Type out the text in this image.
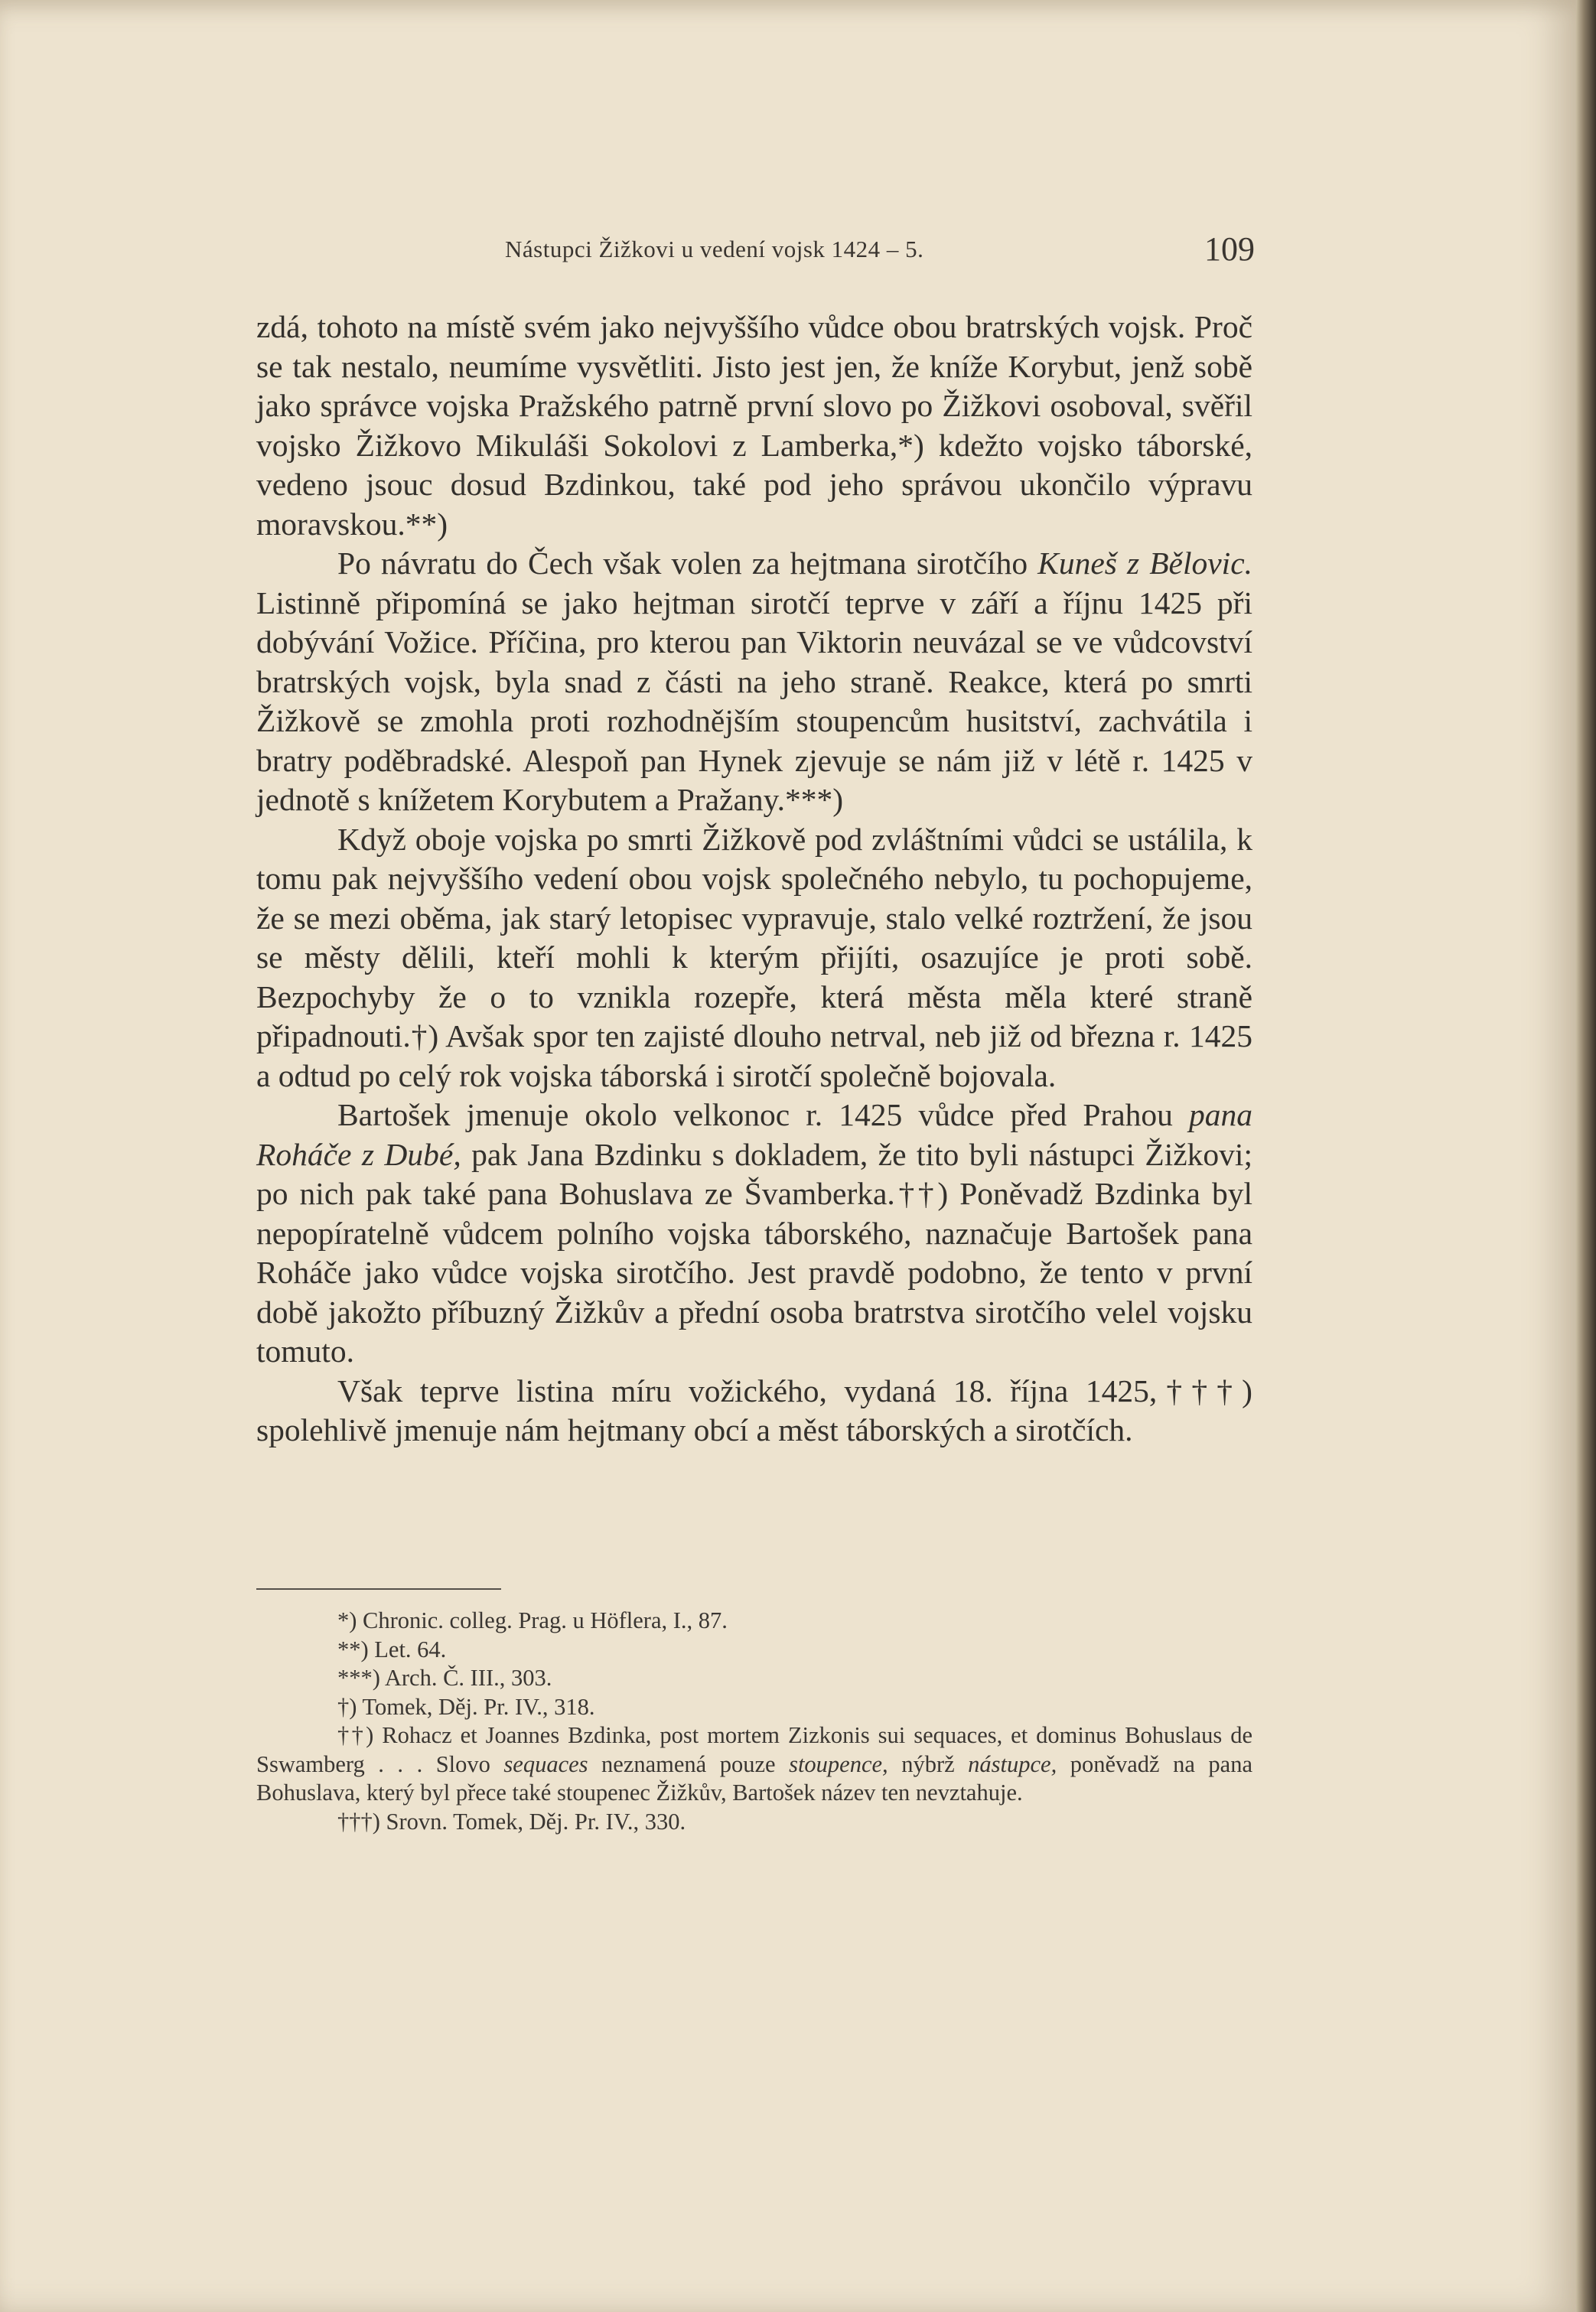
Nástupci Žižkovi u vedení vojsk 1424 – 5.	109

zdá, tohoto na místě svém jako nejvyššího vůdce obou bratrských vojsk. Proč se tak nestalo, neumíme vysvětliti. Jisto jest jen, že kníže Korybut, jenž sobě jako správce vojska Pražského patrně první slovo po Žižkovi osoboval, svěřil vojsko Žižkovo Mikuláši Sokolovi z Lamberka,*) kdežto vojsko táborské, vedeno jsouc dosud Bzdinkou, také pod jeho správou ukončilo výpravu moravskou.**)

Po návratu do Čech však volen za hejtmana sirotčího Kuneš z Bělovic. Listinně připomíná se jako hejtman sirotčí teprve v září a říjnu 1425 při dobývání Vožice. Příčina, pro kterou pan Viktorin neuvázal se ve vůdcovství bratrských vojsk, byla snad z části na jeho straně. Reakce, která po smrti Žižkově se zmohla proti rozhodnějším stoupencům husitství, zachvátila i bratry poděbradské. Alespoň pan Hynek zjevuje se nám již v létě r. 1425 v jednotě s knížetem Korybutem a Pražany.***)

Když oboje vojska po smrti Žižkově pod zvláštními vůdci se ustálila, k tomu pak nejvyššího vedení obou vojsk společného nebylo, tu pochopujeme, že se mezi oběma, jak starý letopisec vypravuje, stalo velké roztržení, že jsou se městy dělili, kteří mohli k kterým přijíti, osazujíce je proti sobě. Bezpochyby že o to vznikla rozepře, která města měla které straně připadnouti.†) Avšak spor ten zajisté dlouho netrval, neb již od března r. 1425 a odtud po celý rok vojska táborská i sirotčí společně bojovala.

Bartošek jmenuje okolo velkonoc r. 1425 vůdce před Prahou pana Roháče z Dubé, pak Jana Bzdinku s dokladem, že tito byli nástupci Žižkovi; po nich pak také pana Bohuslava ze Švamberka.††) Poněvadž Bzdinka byl nepopíratelně vůdcem polního vojska táborského, naznačuje Bartošek pana Roháče jako vůdce vojska sirotčího. Jest pravdě podobno, že tento v první době jakožto příbuzný Žižkův a přední osoba bratrstva sirotčího velel vojsku tomuto.

Však teprve listina míru vožického, vydaná 18. října 1425,†††) spolehlivě jmenuje nám hejtmany obcí a měst táborských a sirotčích.

*) Chronic. colleg. Prag. u Höflera, I., 87.

**) Let. 64.

***) Arch. Č. III., 303.

†) Tomek, Děj. Pr. IV., 318.

††) Rohacz et Joannes Bzdinka, post mortem Zizkonis sui sequaces, et dominus Bohuslaus de Sswamberg . . . Slovo sequaces neznamená pouze stoupence, nýbrž nástupce, poněvadž na pana Bohuslava, který byl přece také stoupenec Žižkův, Bartošek název ten nevztahuje.

†††) Srovn. Tomek, Děj. Pr. IV., 330.
